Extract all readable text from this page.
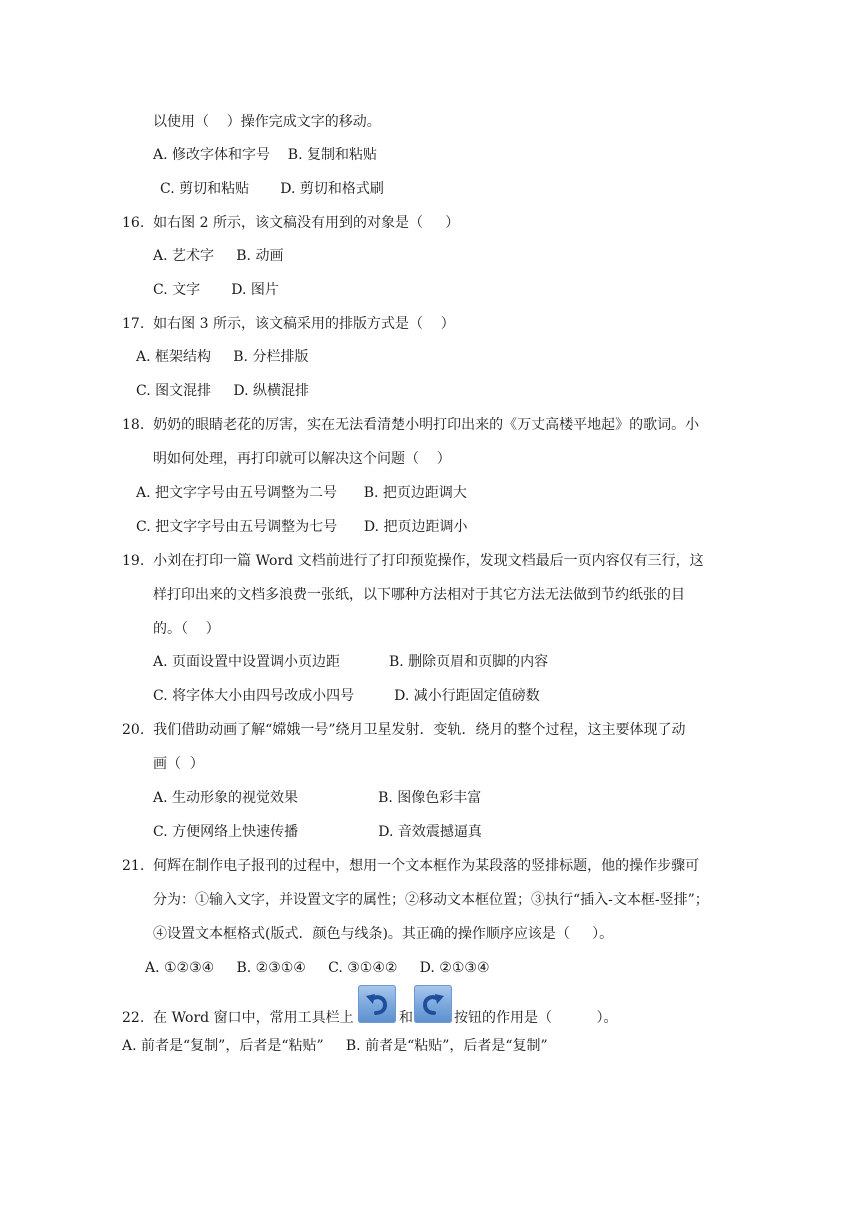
以使用（    ）操作完成文字的移动。
A. 修改字体和字号    B. 复制和粘贴
C. 剪切和粘贴       D. 剪切和格式刷
16.  如右图 2 所示，该文稿没有用到的对象是（     ）
A. 艺术字     B. 动画
C. 文字       D. 图片
17.  如右图 3 所示，该文稿采用的排版方式是（    ）
A. 框架结构     B. 分栏排版
C. 图文混排     D. 纵横混排
18.  奶奶的眼睛老花的厉害，实在无法看清楚小明打印出来的《万丈高楼平地起》的歌词。小
明如何处理，再打印就可以解决这个问题（    ）
A. 把文字字号由五号调整为二号      B. 把页边距调大
C. 把文字字号由五号调整为七号      D. 把页边距调小
19.  小刘在打印一篇 Word 文档前进行了打印预览操作，发现文档最后一页内容仅有三行，这
样打印出来的文档多浪费一张纸，以下哪种方法相对于其它方法无法做到节约纸张的目
的。（    ）
A. 页面设置中设置调小页边距           B. 删除页眉和页脚的内容
C. 将字体大小由四号改成小四号         D. 减小行距固定值磅数
20.  我们借助动画了解“嫦娥一号”绕月卫星发射．变轨．绕月的整个过程，这主要体现了动
画（  ）
A. 生动形象的视觉效果                  B. 图像色彩丰富
C. 方便网络上快速传播                  D. 音效震撼逼真
21.  何辉在制作电子报刊的过程中，想用一个文本框作为某段落的竖排标题，他的操作步骤可
分为：①输入文字，并设置文字的属性；②移动文本框位置；③执行“插入-文本框-竖排”；
④设置文本框格式(版式．颜色与线条)。其正确的操作顺序应该是（     ）。
A. ①②③④     B. ②③①④     C. ③①④②     D. ②①③④
22.  在 Word 窗口中，常用工具栏上	和	按钮的作用是（          ）。
A. 前者是“复制”，后者是“粘贴”     B. 前者是“粘贴”，后者是“复制”
